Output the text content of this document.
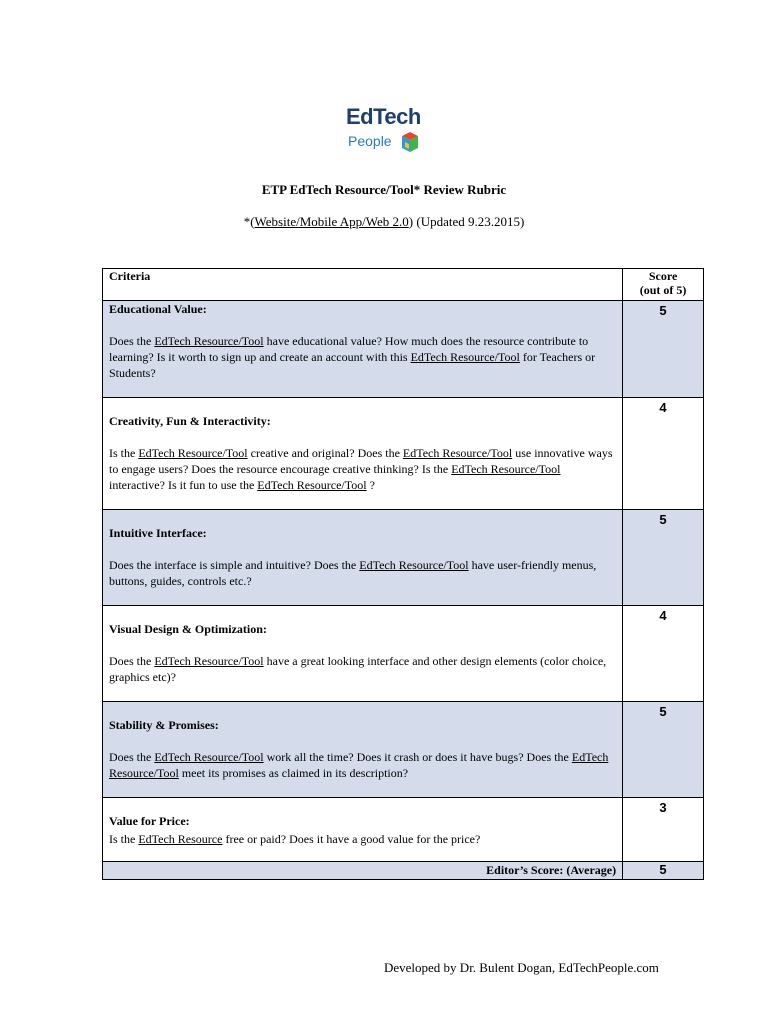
EdTech
People
ETP EdTech Resource/Tool* Review Rubric
*(Website/Mobile App/Web 2.0) (Updated 9.23.2015)
Criteria	Score
(out of 5)

Educational Value:
Does the EdTech Resource/Tool have educational value? How much does the resource contribute to learning? Is it worth to sign up and create an account with this EdTech Resource/Tool for Teachers or Students?	5

Creativity, Fun & Interactivity:
Is the EdTech Resource/Tool creative and original? Does the EdTech Resource/Tool use innovative ways to engage users? Does the resource encourage creative thinking? Is the EdTech Resource/Tool interactive? Is it fun to use the EdTech Resource/Tool ?	4

Intuitive Interface:
Does the interface is simple and intuitive? Does the EdTech Resource/Tool have user-friendly menus, buttons, guides, controls etc.?	5

Visual Design & Optimization:
Does the EdTech Resource/Tool have a great looking interface and other design elements (color choice, graphics etc)?	4

Stability & Promises:
Does the EdTech Resource/Tool work all the time? Does it crash or does it have bugs? Does the EdTech Resource/Tool meet its promises as claimed in its description?	5

Value for Price:
Is the EdTech Resource free or paid? Does it have a good value for the price?	3
Editor’s Score: (Average)	5
Developed by Dr. Bulent Dogan, EdTechPeople.com
